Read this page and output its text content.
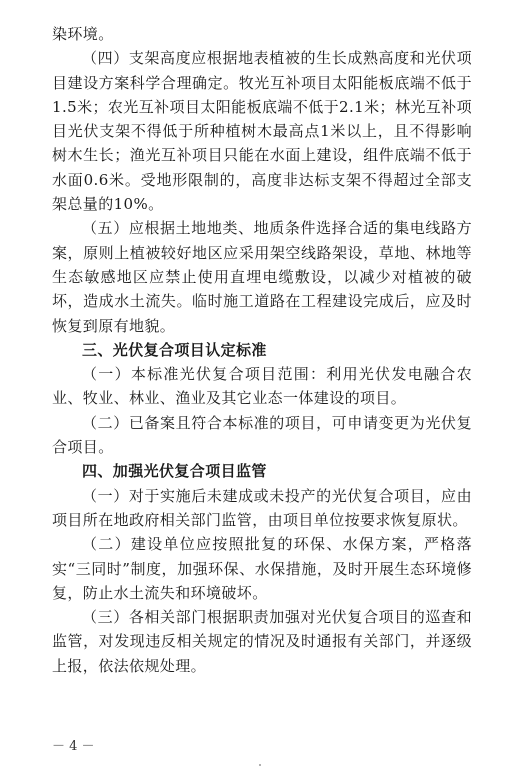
染环境。

（四）支架高度应根据地表植被的生长成熟高度和光伏项目建设方案科学合理确定。牧光互补项目太阳能板底端不低于1.5米；农光互补项目太阳能板底端不低于2.1米；林光互补项目光伏支架不得低于所种植树木最高点1米以上，且不得影响树木生长；渔光互补项目只能在水面上建设，组件底端不低于水面0.6米。受地形限制的，高度非达标支架不得超过全部支架总量的10%。

（五）应根据土地地类、地质条件选择合适的集电线路方案，原则上植被较好地区应采用架空线路架设，草地、林地等生态敏感地区应禁止使用直埋电缆敷设，以减少对植被的破坏，造成水土流失。临时施工道路在工程建设完成后，应及时恢复到原有地貌。

三、光伏复合项目认定标准

（一）本标准光伏复合项目范围：利用光伏发电融合农业、牧业、林业、渔业及其它业态一体建设的项目。

（二）已备案且符合本标准的项目，可申请变更为光伏复合项目。

四、加强光伏复合项目监管

（一）对于实施后未建成或未投产的光伏复合项目，应由项目所在地政府相关部门监管，由项目单位按要求恢复原状。

（二）建设单位应按照批复的环保、水保方案，严格落实“三同时”制度，加强环保、水保措施，及时开展生态环境修复，防止水土流失和环境破坏。

（三）各相关部门根据职责加强对光伏复合项目的巡查和监管，对发现违反相关规定的情况及时通报有关部门，并逐级上报，依法依规处理。

－ 4 －
